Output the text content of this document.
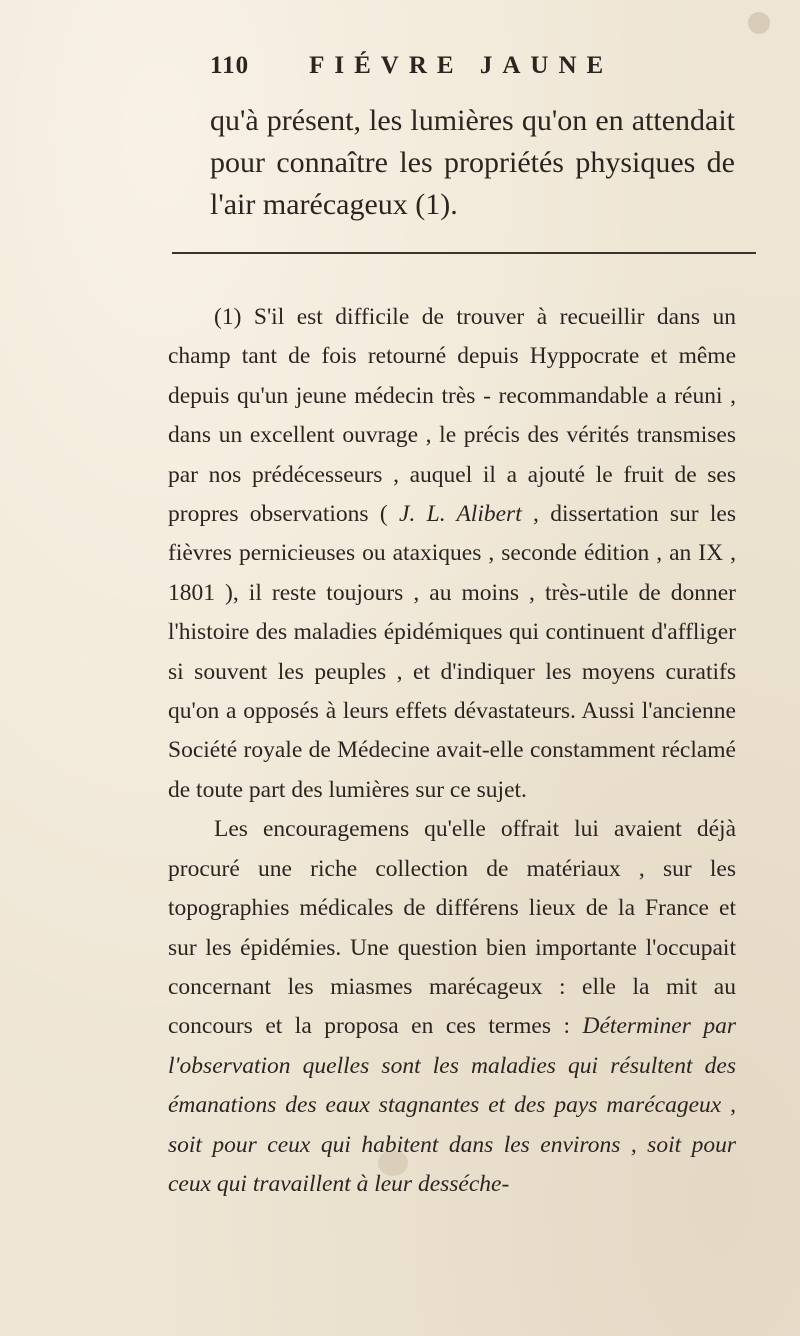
110 FIÉVRE JAUNE
qu'à présent, les lumières qu'on en attendait pour connaître les propriétés physiques de l'air marécageux (1).

(1) S'il est difficile de trouver à recueillir dans un champ tant de fois retourné depuis Hyppocrate et même depuis qu'un jeune médecin très - recommandable a réuni , dans un excellent ouvrage , le précis des vérités transmises par nos prédécesseurs , auquel il a ajouté le fruit de ses propres observations ( J. L. Alibert , dissertation sur les fièvres pernicieuses ou ataxiques , seconde édition , an IX , 1801 ), il reste toujours , au moins , très-utile de donner l'histoire des maladies épidémiques qui continuent d'affliger si souvent les peuples , et d'indiquer les moyens curatifs qu'on a opposés à leurs effets dévastateurs. Aussi l'ancienne Société royale de Médecine avait-elle constamment réclamé de toute part des lumières sur ce sujet.

Les encouragemens qu'elle offrait lui avaient déjà procuré une riche collection de matériaux , sur les topographies médicales de différens lieux de la France et sur les épidémies. Une question bien importante l'occupait concernant les miasmes marécageux : elle la mit au concours et la proposa en ces termes : Déterminer par l'observation quelles sont les maladies qui résultent des émanations des eaux stagnantes et des pays marécageux , soit pour ceux qui habitent dans les environs , soit pour ceux qui travaillent à leur desséche-
